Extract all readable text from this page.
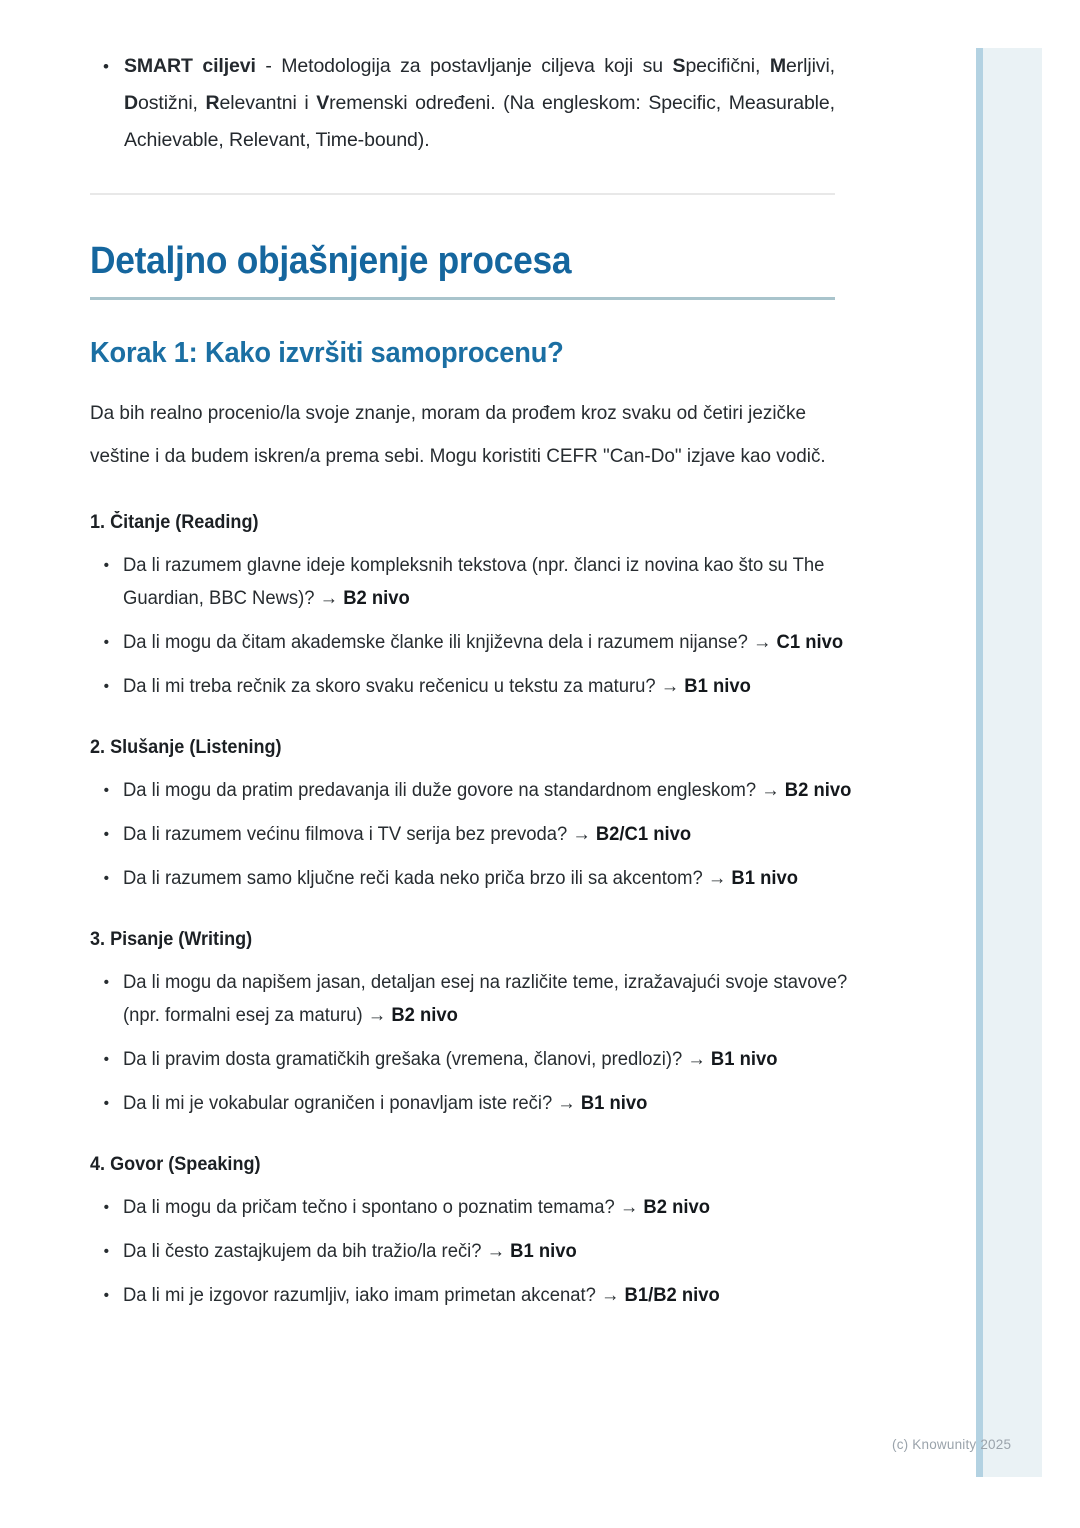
• SMART ciljevi - Metodologija za postavljanje ciljeva koji su Specifični, Merljivi, Dostižni, Relevantni i Vremenski određeni. (Na engleskom: Specific, Measurable, Achievable, Relevant, Time-bound).
Detaljno objašnjenje procesa
Korak 1: Kako izvršiti samoprocenu?

Da bih realno procenio/la svoje znanje, moram da prođem kroz svaku od četiri jezičke veštine i da budem iskren/a prema sebi. Mogu koristiti CEFR "Can-Do" izjave kao vodič.

1. Čitanje (Reading)
• Da li razumem glavne ideje kompleksnih tekstova (npr. članci iz novina kao što su The Guardian, BBC News)? → B2 nivo
• Da li mogu da čitam akademske članke ili književna dela i razumem nijanse? → C1 nivo
• Da li mi treba rečnik za skoro svaku rečenicu u tekstu za maturu? → B1 nivo
2. Slušanje (Listening)
• Da li mogu da pratim predavanja ili duže govore na standardnom engleskom? → B2 nivo
• Da li razumem većinu filmova i TV serija bez prevoda? → B2/C1 nivo
• Da li razumem samo ključne reči kada neko priča brzo ili sa akcentom? → B1 nivo
3. Pisanje (Writing)
• Da li mogu da napišem jasan, detaljan esej na različite teme, izražavajući svoje stavove? (npr. formalni esej za maturu) → B2 nivo
• Da li pravim dosta gramatičkih grešaka (vremena, članovi, predlozi)? → B1 nivo
• Da li mi je vokabular ograničen i ponavljam iste reči? → B1 nivo
4. Govor (Speaking)
• Da li mogu da pričam tečno i spontano o poznatim temama? → B2 nivo
• Da li često zastajkujem da bih tražio/la reči? → B1 nivo
• Da li mi je izgovor razumljiv, iako imam primetan akcenat? → B1/B2 nivo
(c) Knowunity 2025
